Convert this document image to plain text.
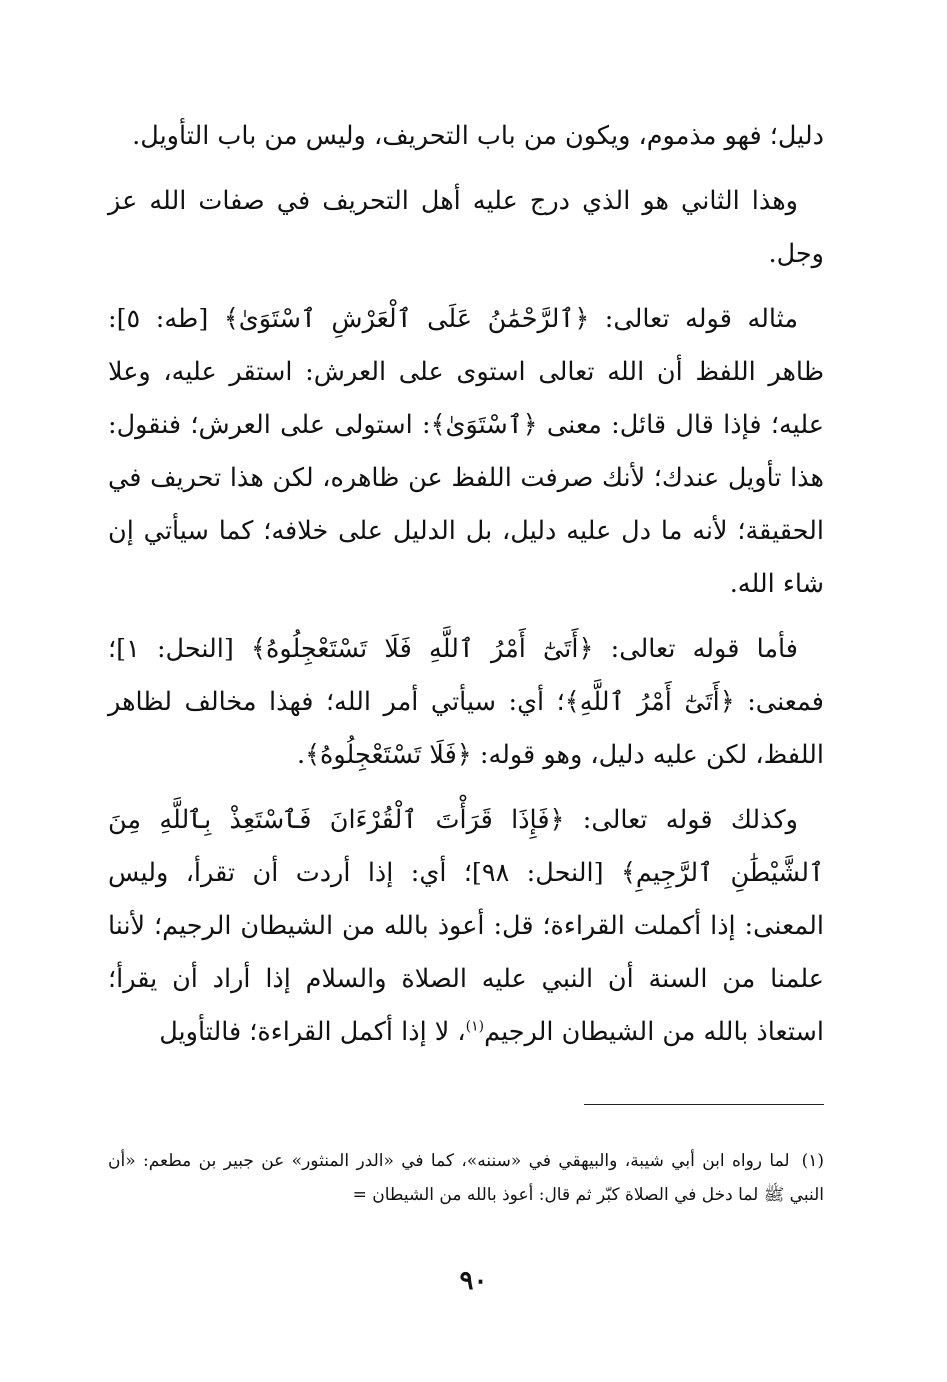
دليل؛ فهو مذموم، ويكون من باب التحريف، وليس من باب التأويل.

وهذا الثاني هو الذي درج عليه أهل التحريف في صفات الله عز وجل.

مثاله قوله تعالى: ﴿ٱلرَّحْمَٰنُ عَلَى ٱلْعَرْشِ ٱسْتَوَىٰ﴾ [طه: ٥]: ظاهر اللفظ أن الله تعالى استوى على العرش: استقر عليه، وعلا عليه؛ فإذا قال قائل: معنى ﴿ٱسْتَوَىٰ﴾: استولى على العرش؛ فنقول: هذا تأويل عندك؛ لأنك صرفت اللفظ عن ظاهره، لكن هذا تحريف في الحقيقة؛ لأنه ما دل عليه دليل، بل الدليل على خلافه؛ كما سيأتي إن شاء الله.

فأما قوله تعالى: ﴿أَتَىٰٓ أَمْرُ ٱللَّهِ فَلَا تَسْتَعْجِلُوهُ﴾ [النحل: ١]؛ فمعنى: ﴿أَتَىٰٓ أَمْرُ ٱللَّهِ﴾؛ أي: سيأتي أمر الله؛ فهذا مخالف لظاهر اللفظ، لكن عليه دليل، وهو قوله: ﴿فَلَا تَسْتَعْجِلُوهُ﴾.

وكذلك قوله تعالى: ﴿فَإِذَا قَرَأْتَ ٱلْقُرْءَانَ فَٱسْتَعِذْ بِٱللَّهِ مِنَ ٱلشَّيْطَٰنِ ٱلرَّجِيمِ﴾ [النحل: ٩٨]؛ أي: إذا أردت أن تقرأ، وليس المعنى: إذا أكملت القراءة؛ قل: أعوذ بالله من الشيطان الرجيم؛ لأننا علمنا من السنة أن النبي عليه الصلاة والسلام إذا أراد أن يقرأ؛ استعاذ بالله من الشيطان الرجيم$^{(١)}$، لا إذا أكمل القراءة؛ فالتأويل

(١)لما رواه ابن أبي شيبة، والبيهقي في «سننه»، كما في «الدر المنثور» عن جبير بن مطعم: «أن النبي ﷺ لما دخل في الصلاة كبّر ثم قال: أعوذ بالله من الشيطان =

٩٠
